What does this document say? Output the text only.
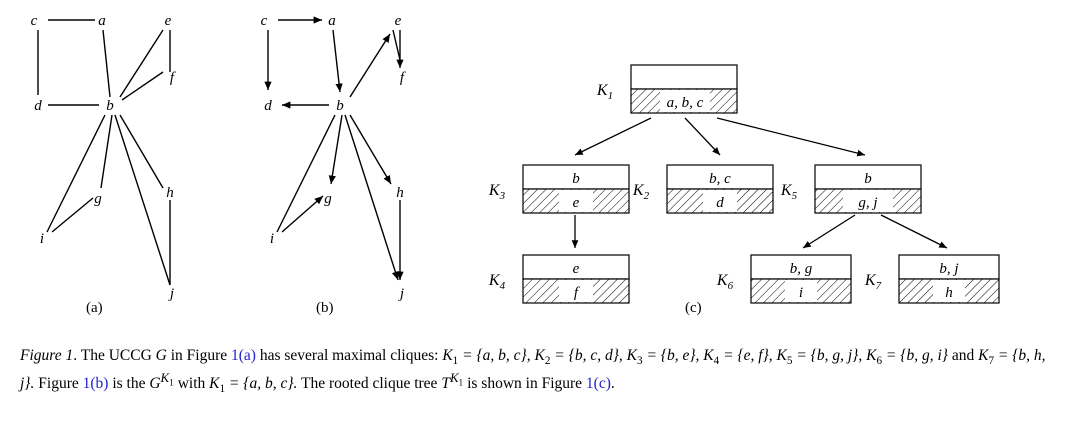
c	a	e
f
d	b
g	h
i
j
(a)
c	a	e
f
d	b
g	h
i
j
(b)
a, b, c
$K_1$
b
e
$K_3$
b, c
d
$K_2$
b
g, j
$K_5$
e
f
$K_4$
b, g
i
$K_6$
b, j
h
$K_7$
(c)
Figure 1. The UCCG G in Figure 1(a) has several maximal cliques: $K_1 = \{a$, b, c}, $K_2 = \{b$, c, d}, $K_3 = \{b$, e}, $K_4 = \{e$, f}, $K_5 = \{b$, g, j}, $K_6 = \{b$, g, i} and $K_7 = \{b$, h, j}. Figure 1(b) is the $G^{K_1}$ with $K_1 = \{a$, b, c}. The rooted clique tree $T^{K_1}$ is shown in Figure 1(c).
